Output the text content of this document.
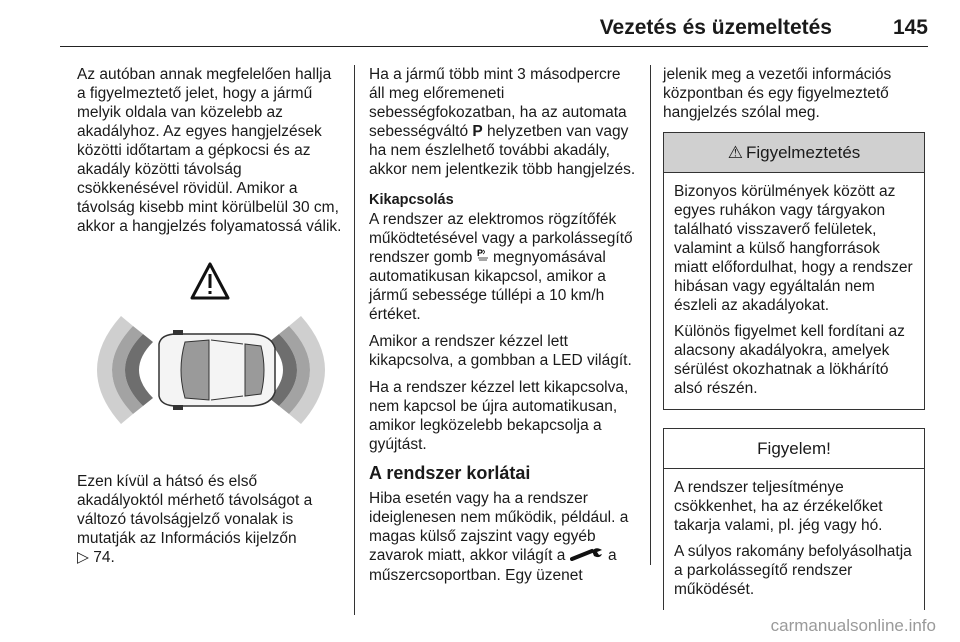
Vezetés és üzemeltetés	145
Az autóban annak megfelelően hallja a figyelmeztető jelet, hogy a jármű melyik oldala van közelebb az akadályhoz. Az egyes hangjelzések közötti időtartam a gépkocsi és az akadály közötti távolság csökkenésével rövidül. Amikor a távolság kisebb mint körülbelül 30 cm, akkor a hangjelzés folyamatossá válik.
Ezen kívül a hátsó és első akadályoktól mérhető távolságot a változó távolságjelző vonalak is mutatják az Információs kijelzőn
▷ 74.
Ha a jármű több mint 3 másodpercre áll meg előremeneti sebességfokozatban, ha az automata sebességváltó P helyzetben van vagy ha nem észlelhető további akadály, akkor nem jelentkezik több hangjelzés.
Kikapcsolás
A rendszer az elektromos rögzítőfék működtetésével vagy a parkolássegítő rendszer gomb P megnyomásával automatikusan kikapcsol, amikor a jármű sebessége túllépi a 10 km/h értéket.
Amikor a rendszer kézzel lett kikapcsolva, a gombban a LED világít.
Ha a rendszer kézzel lett kikapcsolva, nem kapcsol be újra automatikusan, amikor legközelebb bekapcsolja a gyújtást.
A rendszer korlátai
Hiba esetén vagy ha a rendszer ideiglenesen nem működik, például. a magas külső zajszint vagy egyéb zavarok miatt, akkor világít a  a műszercsoportban. Egy üzenet
jelenik meg a vezetői információs központban és egy figyelmeztető hangjelzés szólal meg.
⚠ Figyelmeztetés
Bizonyos körülmények között az egyes ruhákon vagy tárgyakon található visszaverő felületek, valamint a külső hangforrások miatt előfordulhat, hogy a rendszer hibásan vagy egyáltalán nem észleli az akadályokat.
Különös figyelmet kell fordítani az alacsony akadályokra, amelyek sérülést okozhatnak a lökhárító alsó részén.
Figyelem!
A rendszer teljesítménye csökkenhet, ha az érzékelőket takarja valami, pl. jég vagy hó.
A súlyos rakomány befolyásolhatja a parkolássegítő rendszer működését.
carmanualsonline.info
